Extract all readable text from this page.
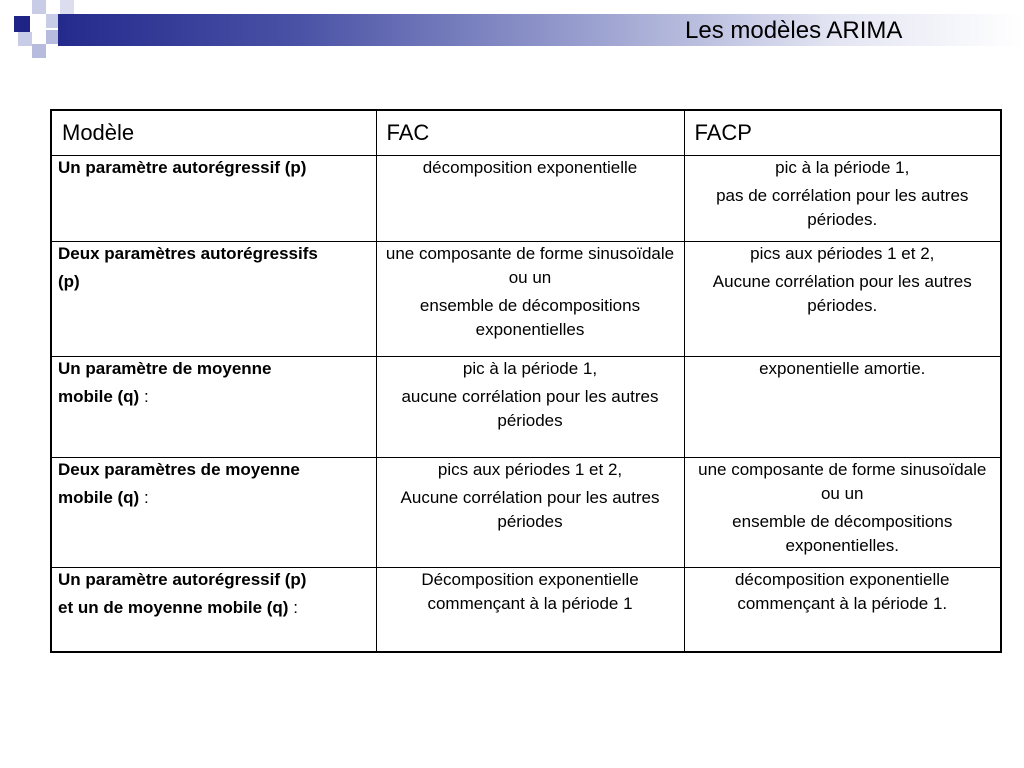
Les modèles ARIMA
Modèle	FAC	FACP

Un paramètre autorégressif (p)	décomposition exponentielle	pic à la période 1,
pas de corrélation pour les autres périodes.

Deux paramètres autorégressifs
(p)	une composante de forme sinusoïdale ou un
ensemble de décompositions exponentielles	pics aux périodes 1 et 2,
Aucune corrélation pour les autres périodes.

Un paramètre de moyenne
mobile (q) :	pic à la période 1,
aucune corrélation pour les autres périodes	exponentielle amortie.

Deux paramètres de moyenne
mobile (q) :	pics aux périodes 1 et 2,
Aucune corrélation pour les autres périodes	une composante de forme sinusoïdale ou un
ensemble de décompositions exponentielles.

Un paramètre autorégressif (p)
et un de moyenne mobile (q) :	Décomposition exponentielle commençant à la période 1	décomposition exponentielle commençant à la période 1.
